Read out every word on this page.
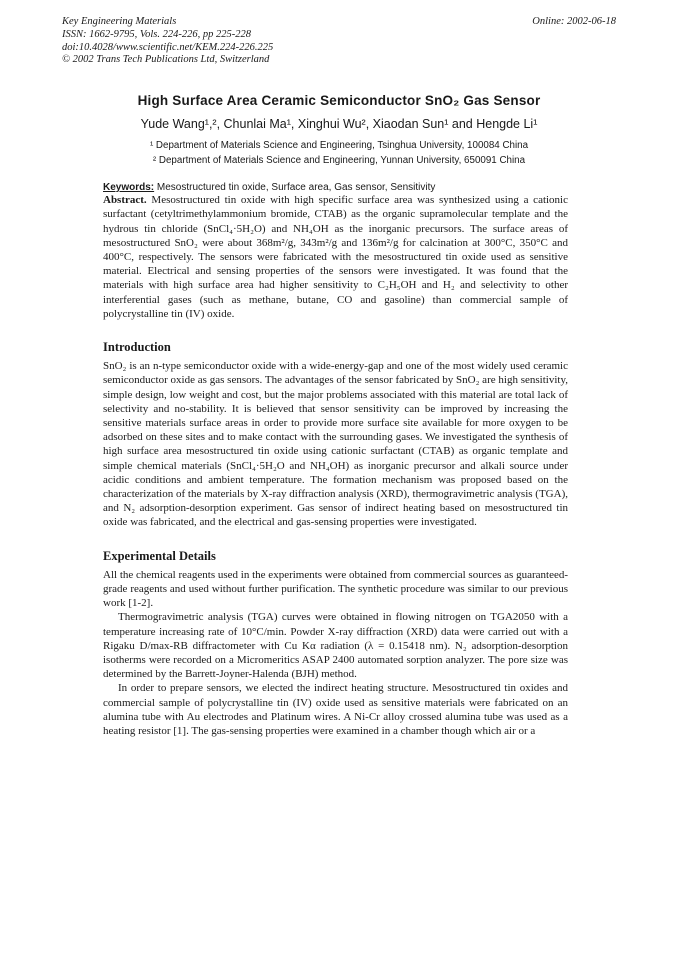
Key Engineering Materials
ISSN: 1662-9795, Vols. 224-226, pp 225-228
doi:10.4028/www.scientific.net/KEM.224-226.225
© 2002 Trans Tech Publications Ltd, Switzerland
Online: 2002-06-18
High Surface Area Ceramic Semiconductor SnO₂ Gas Sensor
Yude Wang¹,², Chunlai Ma¹, Xinghui Wu², Xiaodan Sun¹ and Hengde Li¹
¹ Department of Materials Science and Engineering, Tsinghua University, 100084 China
² Department of Materials Science and Engineering, Yunnan University, 650091 China
Keywords: Mesostructured tin oxide, Surface area, Gas sensor, Sensitivity

Abstract. Mesostructured tin oxide with high specific surface area was synthesized using a cationic surfactant (cetyltrimethylammonium bromide, CTAB) as the organic supramolecular template and the hydrous tin chloride (SnCl₄·5H₂O) and NH₄OH as the inorganic precursors. The surface areas of mesostructured SnO₂ were about 368m²/g, 343m²/g and 136m²/g for calcination at 300°C, 350°C and 400°C, respectively. The sensors were fabricated with the mesostructured tin oxide used as sensitive material. Electrical and sensing properties of the sensors were investigated. It was found that the materials with high surface area had higher sensitivity to C₂H₅OH and H₂ and selectivity to other interferential gases (such as methane, butane, CO and gasoline) than commercial sample of polycrystalline tin (IV) oxide.

Introduction

SnO₂ is an n-type semiconductor oxide with a wide-energy-gap and one of the most widely used ceramic semiconductor oxide as gas sensors. The advantages of the sensor fabricated by SnO₂ are high sensitivity, simple design, low weight and cost, but the major problems associated with this material are total lack of selectivity and no-stability. It is believed that sensor sensitivity can be improved by increasing the sensitive materials surface areas in order to provide more surface site available for more oxygen to be adsorbed on these sites and to make contact with the surrounding gases. We investigated the synthesis of high surface area mesostructured tin oxide using cationic surfactant (CTAB) as organic template and simple chemical materials (SnCl₄·5H₂O and NH₄OH) as inorganic precursor and alkali source under acidic conditions and ambient temperature. The formation mechanism was proposed based on the characterization of the materials by X-ray diffraction analysis (XRD), thermogravimetric analysis (TGA), and N₂ adsorption-desorption experiment. Gas sensor of indirect heating based on mesostructured tin oxide was fabricated, and the electrical and gas-sensing properties were investigated.

Experimental Details

All the chemical reagents used in the experiments were obtained from commercial sources as guaranteed-grade reagents and used without further purification. The synthetic procedure was similar to our previous work [1-2].

Thermogravimetric analysis (TGA) curves were obtained in flowing nitrogen on TGA2050 with a temperature increasing rate of 10°C/min. Powder X-ray diffraction (XRD) data were carried out with a Rigaku D/max-RB diffractometer with Cu Kα radiation (λ = 0.15418 nm). N₂ adsorption-desorption isotherms were recorded on a Micromeritics ASAP 2400 automated sorption analyzer. The pore size was determined by the Barrett-Joyner-Halenda (BJH) method.

In order to prepare sensors, we elected the indirect heating structure. Mesostructured tin oxides and commercial sample of polycrystalline tin (IV) oxide used as sensitive materials were fabricated on an alumina tube with Au electrodes and Platinum wires. A Ni-Cr alloy crossed alumina tube was used as a heating resistor [1]. The gas-sensing properties were examined in a chamber though which air or a
